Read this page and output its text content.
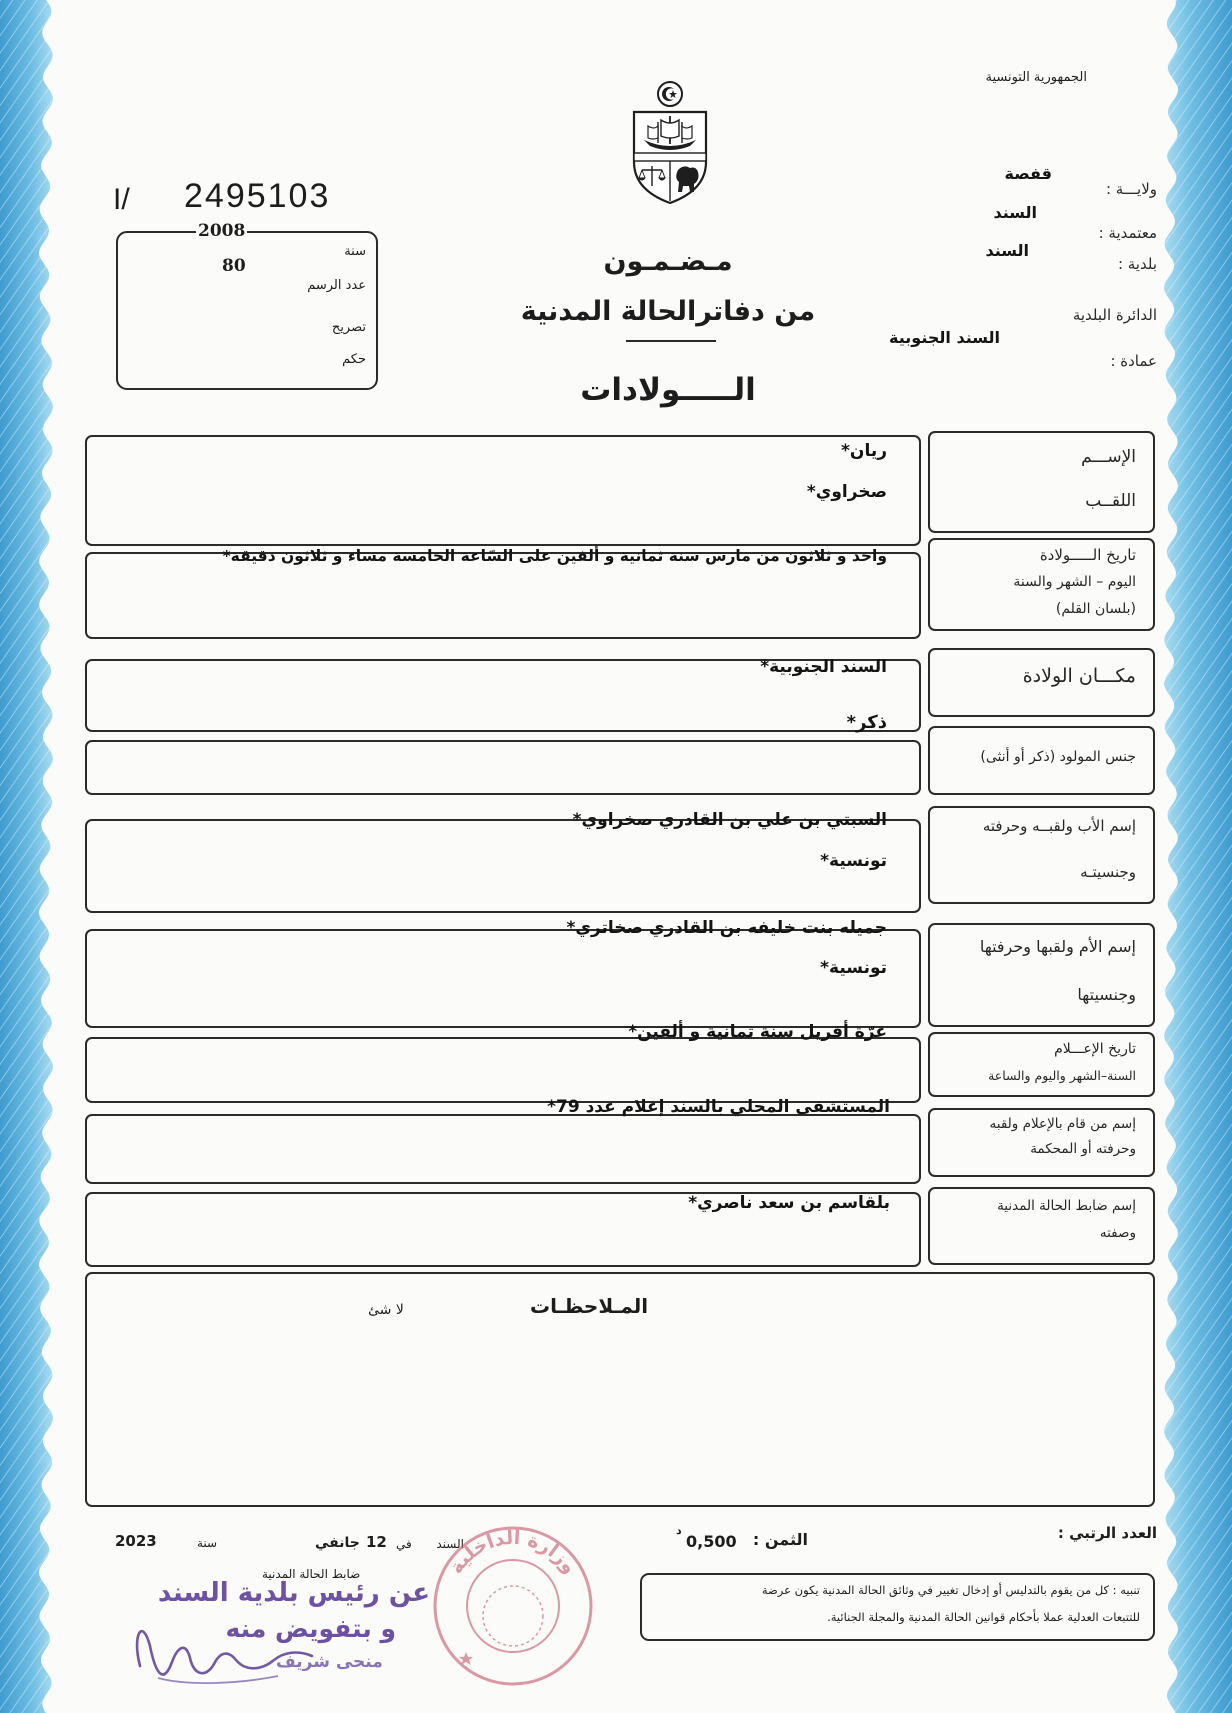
الجمهورية التونسية
ولايـــة :
قفصة
السند
معتمدية :
السند
بلدية :
الدائرة البلدية
السند الجنوبية
عمادة :
I/ 2495103
2008
سنة
80
عدد الرسم
تصريح
حكم
مـضـمـون
من دفاترالحالة المدنية
الـــــولادات
الإســـم
اللقــب
تاريخ الـــــولادة
اليوم – الشهر والسنة
(بلسان القلم)
مكـــان الولادة
جنس المولود (ذكر أو أنثى)
إسم الأب ولقبــه وحرفته
وجنسيتـه
إسم الأم ولقبها وحرفتها
وجنسيتها
تاريخ الإعـــلام
السنة–الشهر واليوم والساعة
إسم من قام بالإعلام ولقبه
وحرفته أو المحكمة
إسم ضابط الحالة المدنية
وصفته
ريان*
صخراوي*
واحد و ثلاثون من مارس سنة ثمانية و ألفين على السّاعة الخامسة مساء و ثلاثون دقيقة*
السند الجنوبية*
ذكر*
السبتي بن علي بن القادري صخراوي*
تونسية*
جميله بنت خليفه بن القادري صخاتري*
تونسية*
غرّة أفريل سنة ثمانية و ألفين*
المستشفى المحلي بالسند إعلام عدد 79*
بلقاسم بن سعد ناصري*
المـلاحظـات
لا شئ
العدد الرتبي :
الثمن :
0,500
د
السند
في
12
جانفي
سنة
2023
تنبيه : كل من يقوم بالتدليس أو إدخال تغيير في وثائق الحالة المدنية يكون عرضة
للتتبعات العدلية عملا بأحكام قوانين الحالة المدنية والمجلة الجنائية.
وزارة الداخلية
ضابط الحالة المدنية
عن رئيس بلدية السند
و بتفويض منه
منحى شريف
